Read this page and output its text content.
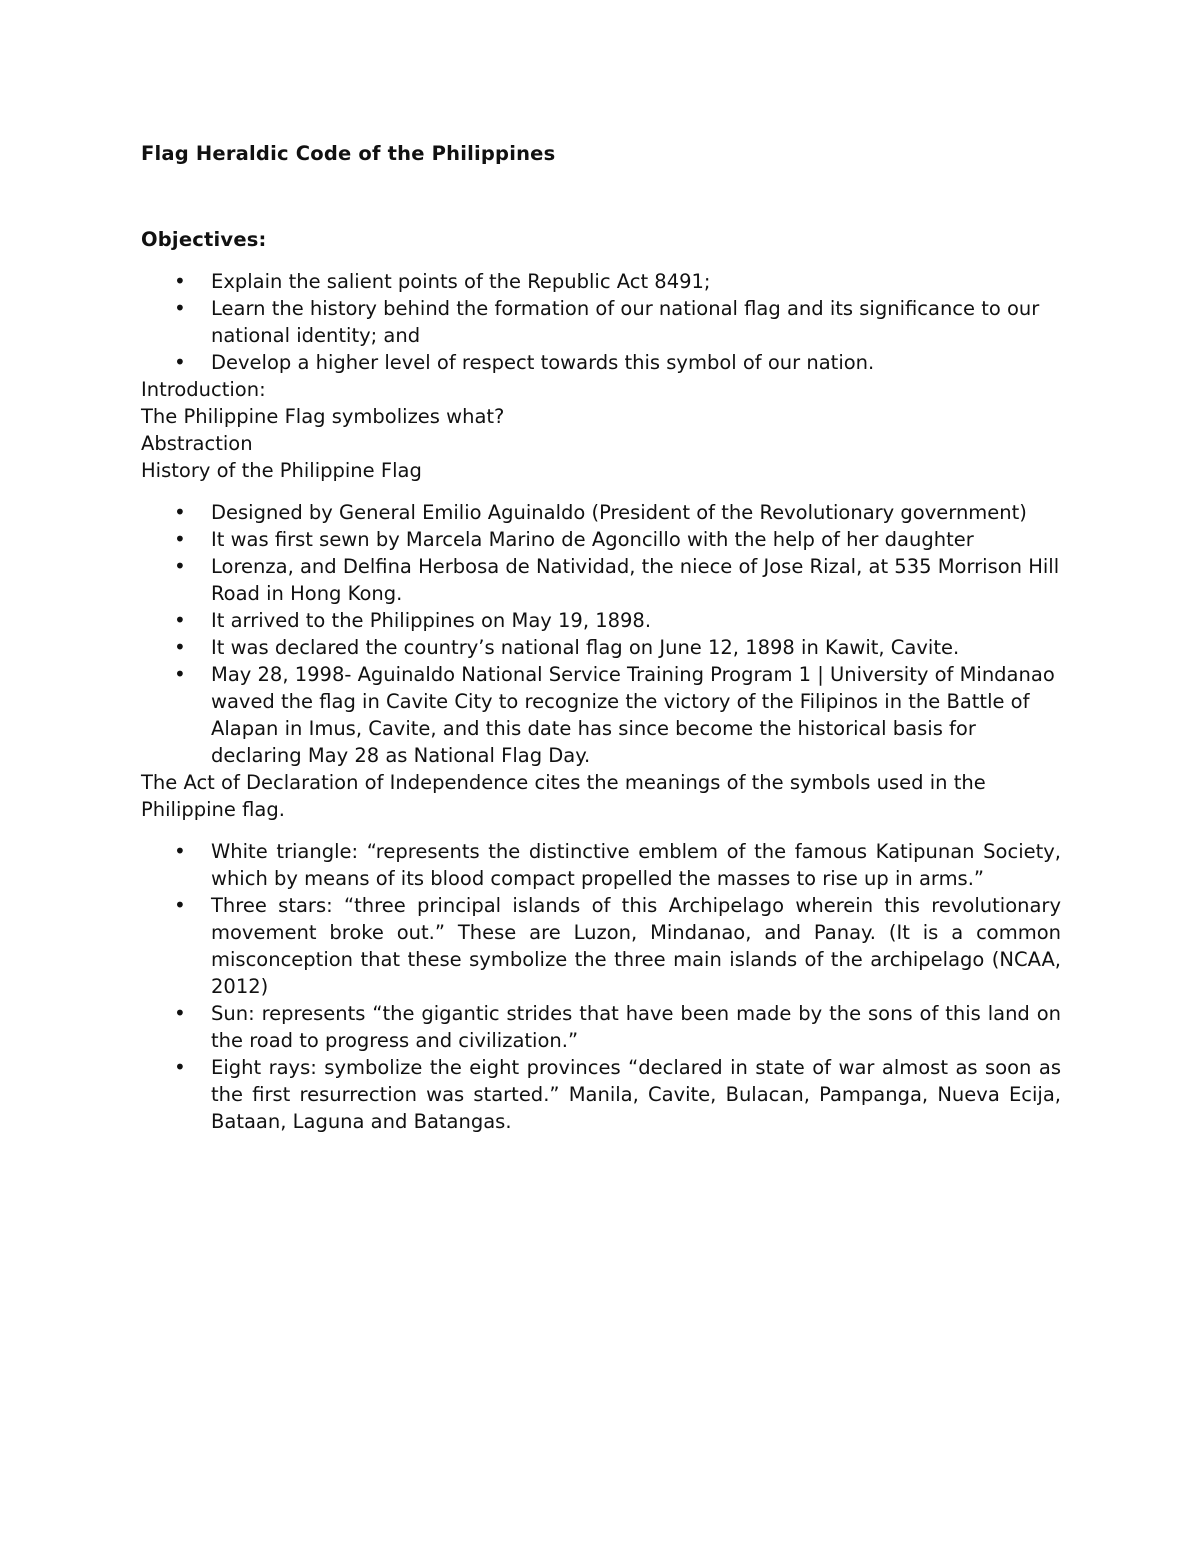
Flag Heraldic Code of the Philippines

Objectives:

• Explain the salient points of the Republic Act 8491;
• Learn the history behind the formation of our national flag and its significance to our national identity; and
• Develop a higher level of respect towards this symbol of our nation.

Introduction:

The Philippine Flag symbolizes what?

Abstraction

History of the Philippine Flag

• Designed by General Emilio Aguinaldo (President of the Revolutionary government)
• It was first sewn by Marcela Marino de Agoncillo with the help of her daughter
• Lorenza, and Delfina Herbosa de Natividad, the niece of Jose Rizal, at 535 Morrison Hill Road in Hong Kong.
• It arrived to the Philippines on May 19, 1898.
• It was declared the country’s national flag on June 12, 1898 in Kawit, Cavite.
• May 28, 1998- Aguinaldo National Service Training Program 1 | University of Mindanao waved the flag in Cavite City to recognize the victory of the Filipinos in the Battle of Alapan in Imus, Cavite, and this date has since become the historical basis for declaring May 28 as National Flag Day.

The Act of Declaration of Independence cites the meanings of the symbols used in the Philippine flag.

• White triangle: “represents the distinctive emblem of the famous Katipunan Society, which by means of its blood compact propelled the masses to rise up in arms.”
• Three stars: “three principal islands of this Archipelago wherein this revolutionary movement broke out.” These are Luzon, Mindanao, and Panay. (It is a common misconception that these symbolize the three main islands of the archipelago (NCAA, 2012)
• Sun: represents “the gigantic strides that have been made by the sons of this land on the road to progress and civilization.”
• Eight rays: symbolize the eight provinces “declared in state of war almost as soon as the first resurrection was started.” Manila, Cavite, Bulacan, Pampanga, Nueva Ecija, Bataan, Laguna and Batangas.
